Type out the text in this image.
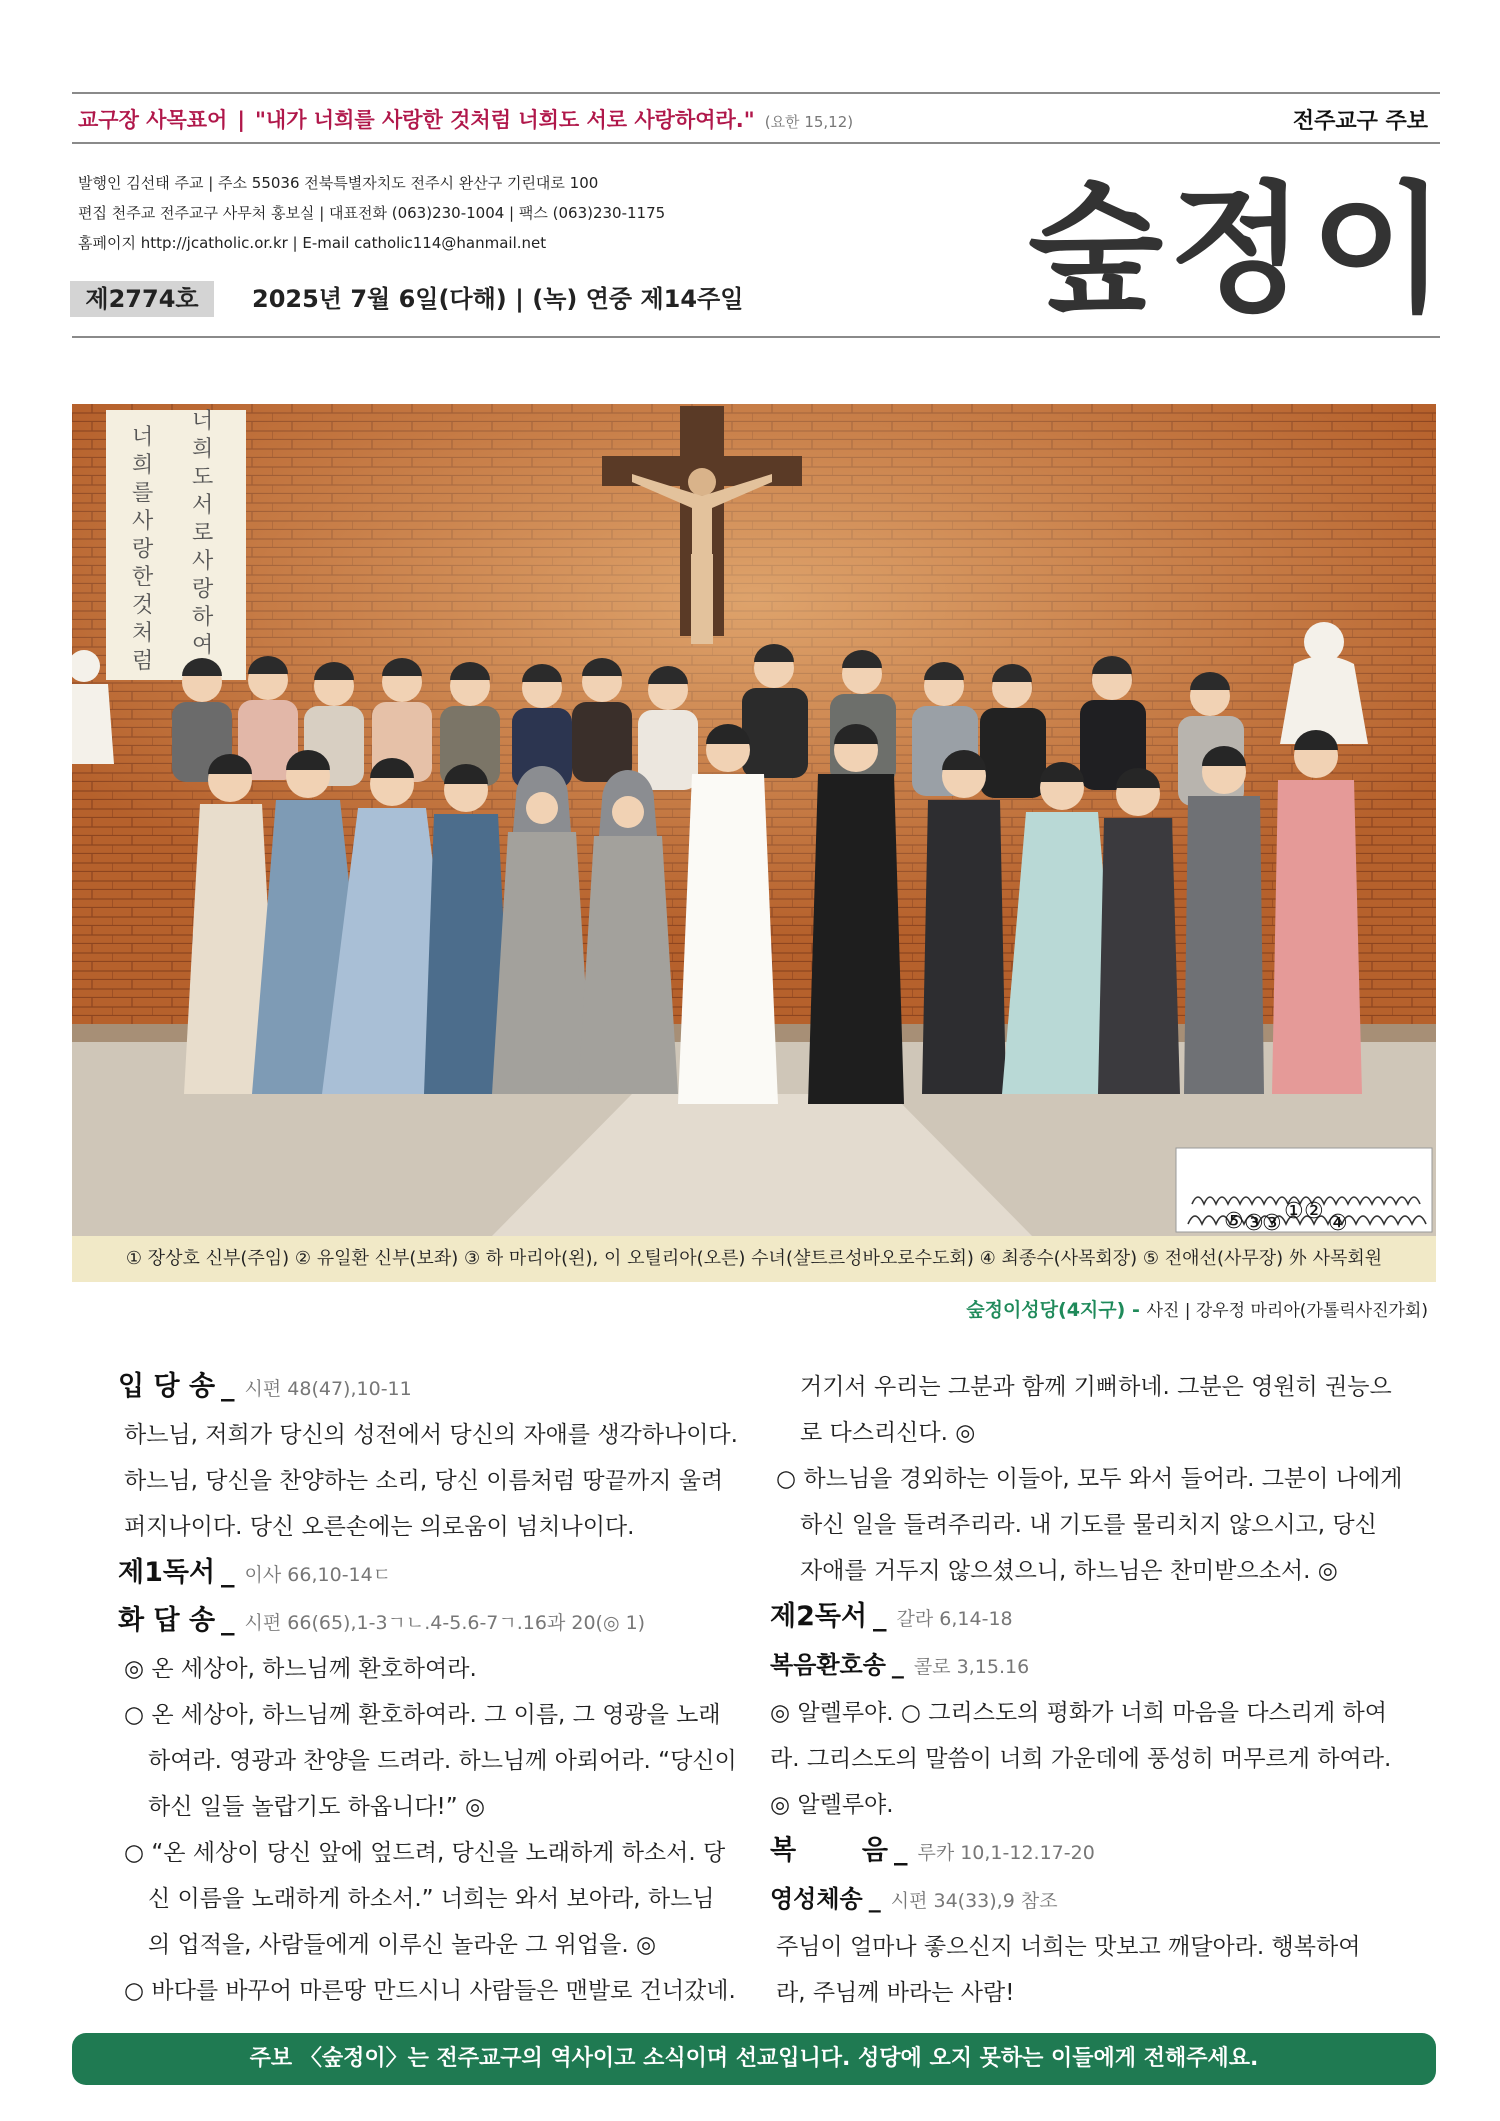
교구장 사목표어 | "내가 너희를 사랑한 것처럼 너희도 서로 사랑하여라." (요한 15,12)	전주교구 주보
발행인 김선태 주교 | 주소 55036 전북특별자치도 전주시 완산구 기린대로 100
편집 천주교 전주교구 사무처 홍보실 | 대표전화 (063)230-1004 | 팩스 (063)230-1175
홈페이지 http://jcatholic.or.kr | E-mail catholic114@hanmail.net
제2774호	2025년 7월 6일(다해) | (녹) 연중 제14주일 숲정이
너 희 를 사 랑 한 것 처 럼
너 희 도 서 로 사 랑 하 여
⑤ ③ ③ ① ② ④
① 장상호 신부(주임) ② 유일환 신부(보좌) ③ 하 마리아(왼), 이 오틸리아(오른) 수녀(샬트르성바오로수도회) ④ 최종수(사목회장) ⑤ 전애선(사무장) 外 사목회원
숲정이성당(4지구) - 사진 | 강우정 마리아(가톨릭사진가회)
입 당 송 _ 시편 48(47),10-11
하느님, 저희가 당신의 성전에서 당신의 자애를 생각하나이다.
하느님, 당신을 찬양하는 소리, 당신 이름처럼 땅끝까지 울려
퍼지나이다. 당신 오른손에는 의로움이 넘치나이다.
제1독서 _ 이사 66,10-14ㄷ
화 답 송 _ 시편 66(65),1-3ㄱㄴ.4-5.6-7ㄱ.16과 20(◎ 1)
◎ 온 세상아, 하느님께 환호하여라.
○ 온 세상아, 하느님께 환호하여라. 그 이름, 그 영광을 노래
하여라. 영광과 찬양을 드려라. 하느님께 아뢰어라. “당신이
하신 일들 놀랍기도 하옵니다!” ◎
○ “온 세상이 당신 앞에 엎드려, 당신을 노래하게 하소서. 당
신 이름을 노래하게 하소서.” 너희는 와서 보아라, 하느님
의 업적을, 사람들에게 이루신 놀라운 그 위업을. ◎
○ 바다를 바꾸어 마른땅 만드시니 사람들은 맨발로 건너갔네.
거기서 우리는 그분과 함께 기뻐하네. 그분은 영원히 권능으
로 다스리신다. ◎
○ 하느님을 경외하는 이들아, 모두 와서 들어라. 그분이 나에게
하신 일을 들려주리라. 내 기도를 물리치지 않으시고, 당신
자애를 거두지 않으셨으니, 하느님은 찬미받으소서. ◎
제2독서 _ 갈라 6,14-18
복음환호송 _ 콜로 3,15.16
◎ 알렐루야. ○ 그리스도의 평화가 너희 마음을 다스리게 하여
라. 그리스도의 말씀이 너희 가운데에 풍성히 머무르게 하여라.
◎ 알렐루야.
복       음 _ 루카 10,1-12.17-20
영성체송 _ 시편 34(33),9 참조
주님이 얼마나 좋으신지 너희는 맛보고 깨달아라. 행복하여
라, 주님께 바라는 사람!
주보 〈숲정이〉는 전주교구의 역사이고 소식이며 선교입니다. 성당에 오지 못하는 이들에게 전해주세요.
